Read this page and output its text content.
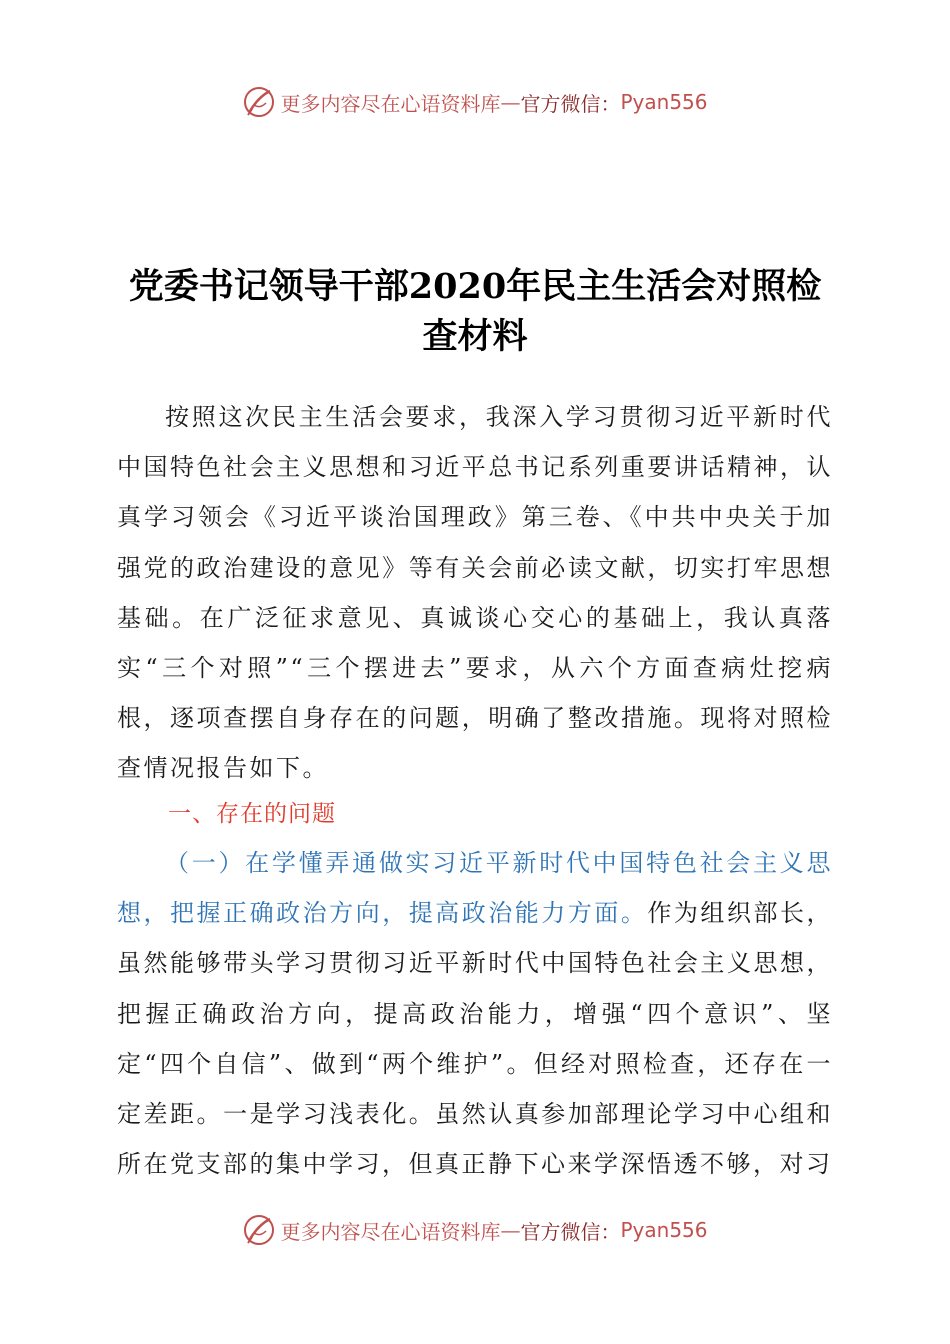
更多内容尽在心语资料库 — 官方微信： Pyan556
党委书记领导干部2020年民主生活会对照检
查材料

按照这次民主生活会要求，我深入学习贯彻习近平新时代中国特色社会主义思想和习近平总书记系列重要讲话精神，认真学习领会《习近平谈治国理政》第三卷、《中共中央关于加强党的政治建设的意见》等有关会前必读文献，切实打牢思想基础。在广泛征求意见、真诚谈心交心的基础上，我认真落实“三个对照”“三个摆进去”要求，从六个方面查病灶挖病根，逐项查摆自身存在的问题，明确了整改措施。现将对照检查情况报告如下。

一、存在的问题

（一）在学懂弄通做实习近平新时代中国特色社会主义思想，把握正确政治方向，提高政治能力方面。作为组织部长，虽然能够带头学习贯彻习近平新时代中国特色社会主义思想，把握正确政治方向，提高政治能力，增强“四个意识”、坚定“四个自信”、做到“两个维护”。但经对照检查，还存在一定差距。一是学习浅表化。虽然认真参加部理论学习中心组和所在党支部的集中学习，但真正静下心来学深悟透不够，对习

更多内容尽在心语资料库 — 官方微信： Pyan556
